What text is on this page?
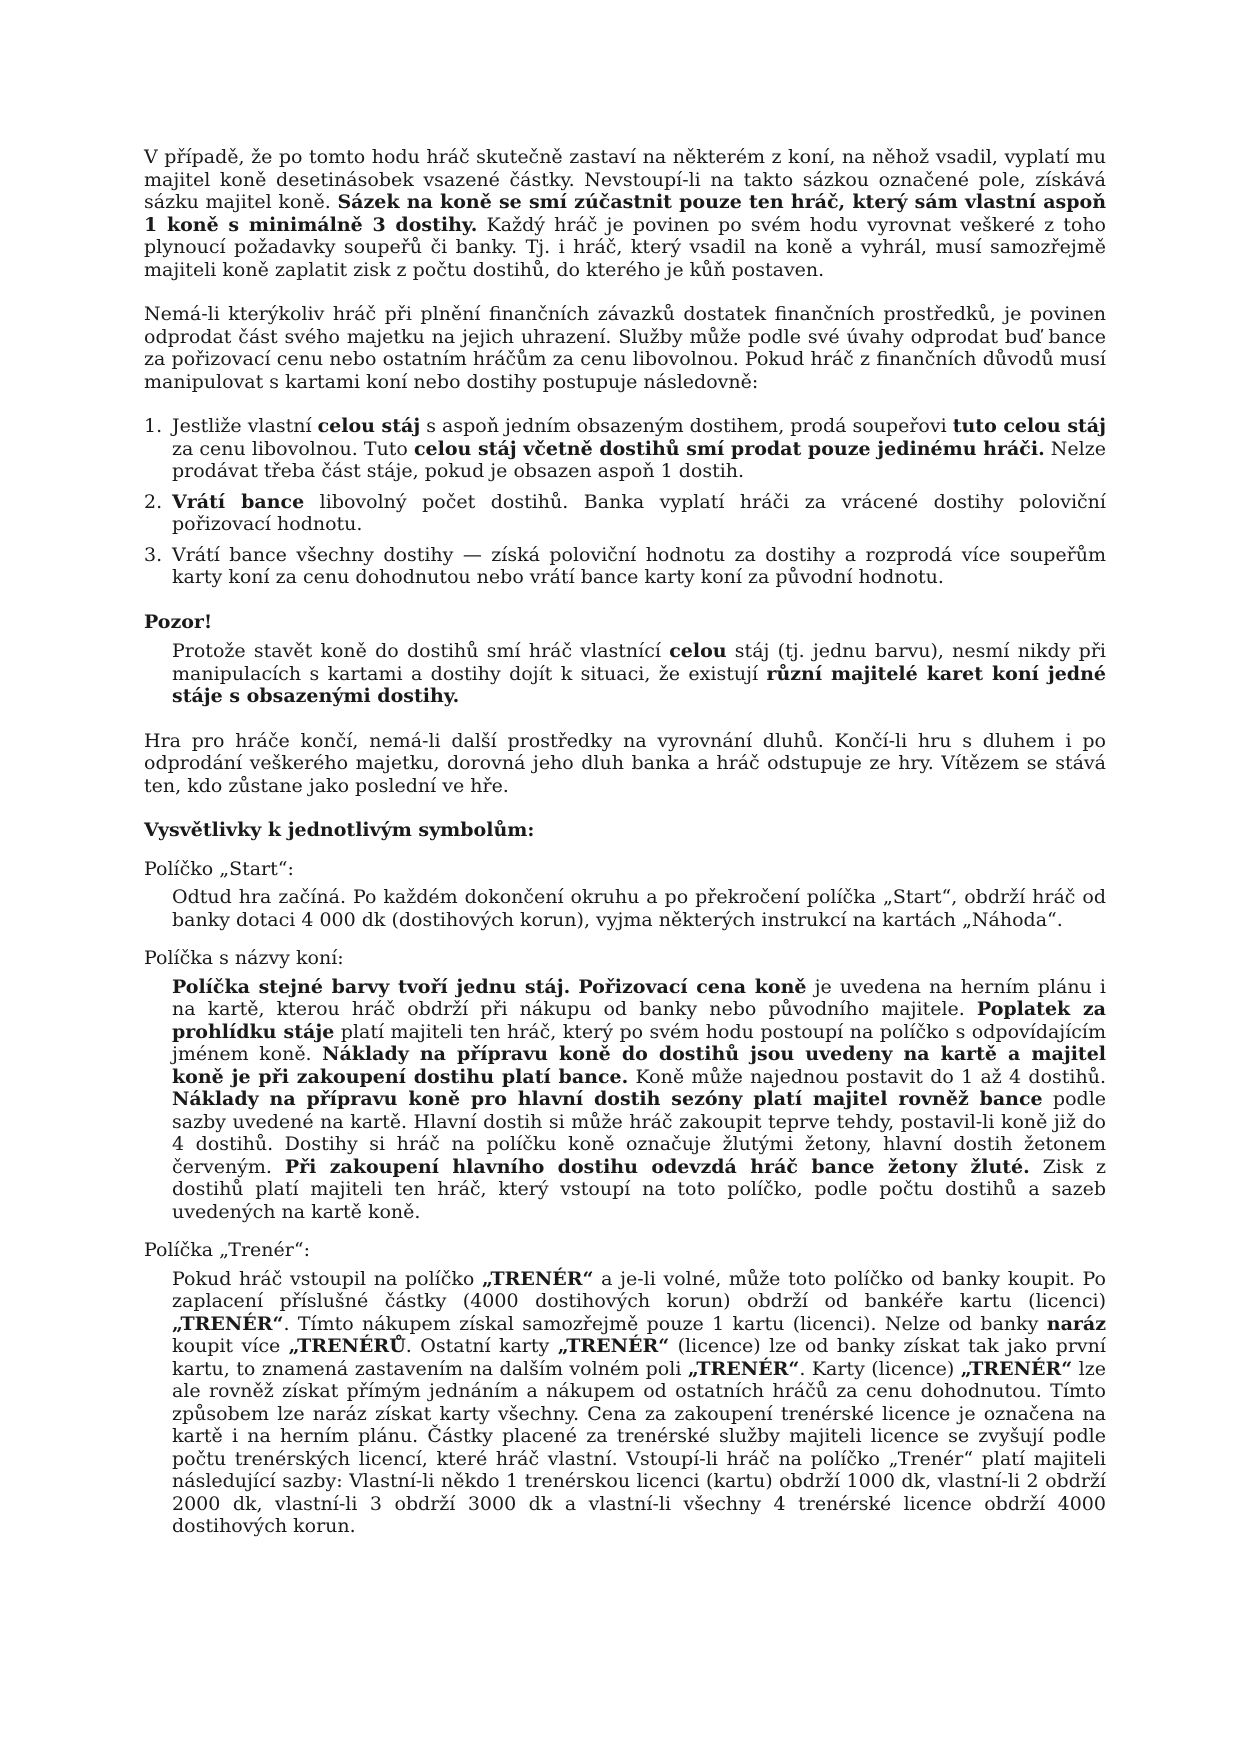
V případě, že po tomto hodu hráč skutečně zastaví na některém z koní, na něhož vsadil, vyplatí mu majitel koně desetinásobek vsazené částky. Nevstoupí-li na takto sázkou označené pole, získává sázku majitel koně. Sázek na koně se smí zúčastnit pouze ten hráč, který sám vlastní aspoň 1 koně s minimálně 3 dostihy. Každý hráč je povinen po svém hodu vyrovnat veškeré z toho plynoucí požadavky soupeřů či banky. Tj. i hráč, který vsadil na koně a vyhrál, musí samozřejmě majiteli koně zaplatit zisk z počtu dostihů, do kterého je kůň postaven.

Nemá-li kterýkoliv hráč při plnění finančních závazků dostatek finančních prostředků, je povinen odprodat část svého majetku na jejich uhrazení. Služby může podle své úvahy odprodat buď bance za pořizovací cenu nebo ostatním hráčům za cenu libovolnou. Pokud hráč z finančních důvodů musí manipulovat s kartami koní nebo dostihy postupuje následovně:

1. Jestliže vlastní celou stáj s aspoň jedním obsazeným dostihem, prodá soupeřovi tuto celou stáj za cenu libovolnou. Tuto celou stáj včetně dostihů smí prodat pouze jedinému hráči. Nelze prodávat třeba část stáje, pokud je obsazen aspoň 1 dostih.
2. Vrátí bance libovolný počet dostihů. Banka vyplatí hráči za vrácené dostihy poloviční pořizovací hodnotu.
3. Vrátí bance všechny dostihy — získá poloviční hodnotu za dostihy a rozprodá více soupeřům karty koní za cenu dohodnutou nebo vrátí bance karty koní za původní hodnotu.

Pozor!

Protože stavět koně do dostihů smí hráč vlastnící celou stáj (tj. jednu barvu), nesmí nikdy při manipulacích s kartami a dostihy dojít k situaci, že existují různí majitelé karet koní jedné stáje s obsazenými dostihy.

Hra pro hráče končí, nemá-li další prostředky na vyrovnání dluhů. Končí-li hru s dluhem i po odprodání veškerého majetku, dorovná jeho dluh banka a hráč odstupuje ze hry. Vítězem se stává ten, kdo zůstane jako poslední ve hře.

Vysvětlivky k jednotlivým symbolům:

Políčko „Start“:

Odtud hra začíná. Po každém dokončení okruhu a po překročení políčka „Start“, obdrží hráč od banky dotaci 4 000 dk (dostihových korun), vyjma některých instrukcí na kartách „Náhoda“.

Políčka s názvy koní:

Políčka stejné barvy tvoří jednu stáj. Pořizovací cena koně je uvedena na herním plánu i na kartě, kterou hráč obdrží při nákupu od banky nebo původního majitele. Poplatek za prohlídku stáje platí majiteli ten hráč, který po svém hodu postoupí na políčko s odpovídajícím jménem koně. Náklady na přípravu koně do dostihů jsou uvedeny na kartě a majitel koně je při zakoupení dostihu platí bance. Koně může najednou postavit do 1 až 4 dostihů. Náklady na přípravu koně pro hlavní dostih sezóny platí majitel rovněž bance podle sazby uvedené na kartě. Hlavní dostih si může hráč zakoupit teprve tehdy, postavil-li koně již do 4 dostihů. Dostihy si hráč na políčku koně označuje žlutými žetony, hlavní dostih žetonem červeným. Při zakoupení hlavního dostihu odevzdá hráč bance žetony žluté. Zisk z dostihů platí majiteli ten hráč, který vstoupí na toto políčko, podle počtu dostihů a sazeb uvedených na kartě koně.

Políčka „Trenér“:

Pokud hráč vstoupil na políčko „TRENÉR“ a je-li volné, může toto políčko od banky koupit. Po zaplacení příslušné částky (4000 dostihových korun) obdrží od bankéře kartu (licenci) „TRENÉR“. Tímto nákupem získal samozřejmě pouze 1 kartu (licenci). Nelze od banky naráz koupit více „TRENÉRŮ. Ostatní karty „TRENÉR“ (licence) lze od banky získat tak jako první kartu, to znamená zastavením na dalším volném poli „TRENÉR“. Karty (licence) „TRENÉR“ lze ale rovněž získat přímým jednáním a nákupem od ostatních hráčů za cenu dohodnutou. Tímto způsobem lze naráz získat karty všechny. Cena za zakoupení trenérské licence je označena na kartě i na herním plánu. Částky placené za trenérské služby majiteli licence se zvyšují podle počtu trenérských licencí, které hráč vlastní. Vstoupí-li hráč na políčko „Trenér“ platí majiteli následující sazby: Vlastní-li někdo 1 trenérskou licenci (kartu) obdrží 1000 dk, vlastní-li 2 obdrží 2000 dk, vlastní-li 3 obdrží 3000 dk a vlastní-li všechny 4 trenérské licence obdrží 4000 dostihových korun.
